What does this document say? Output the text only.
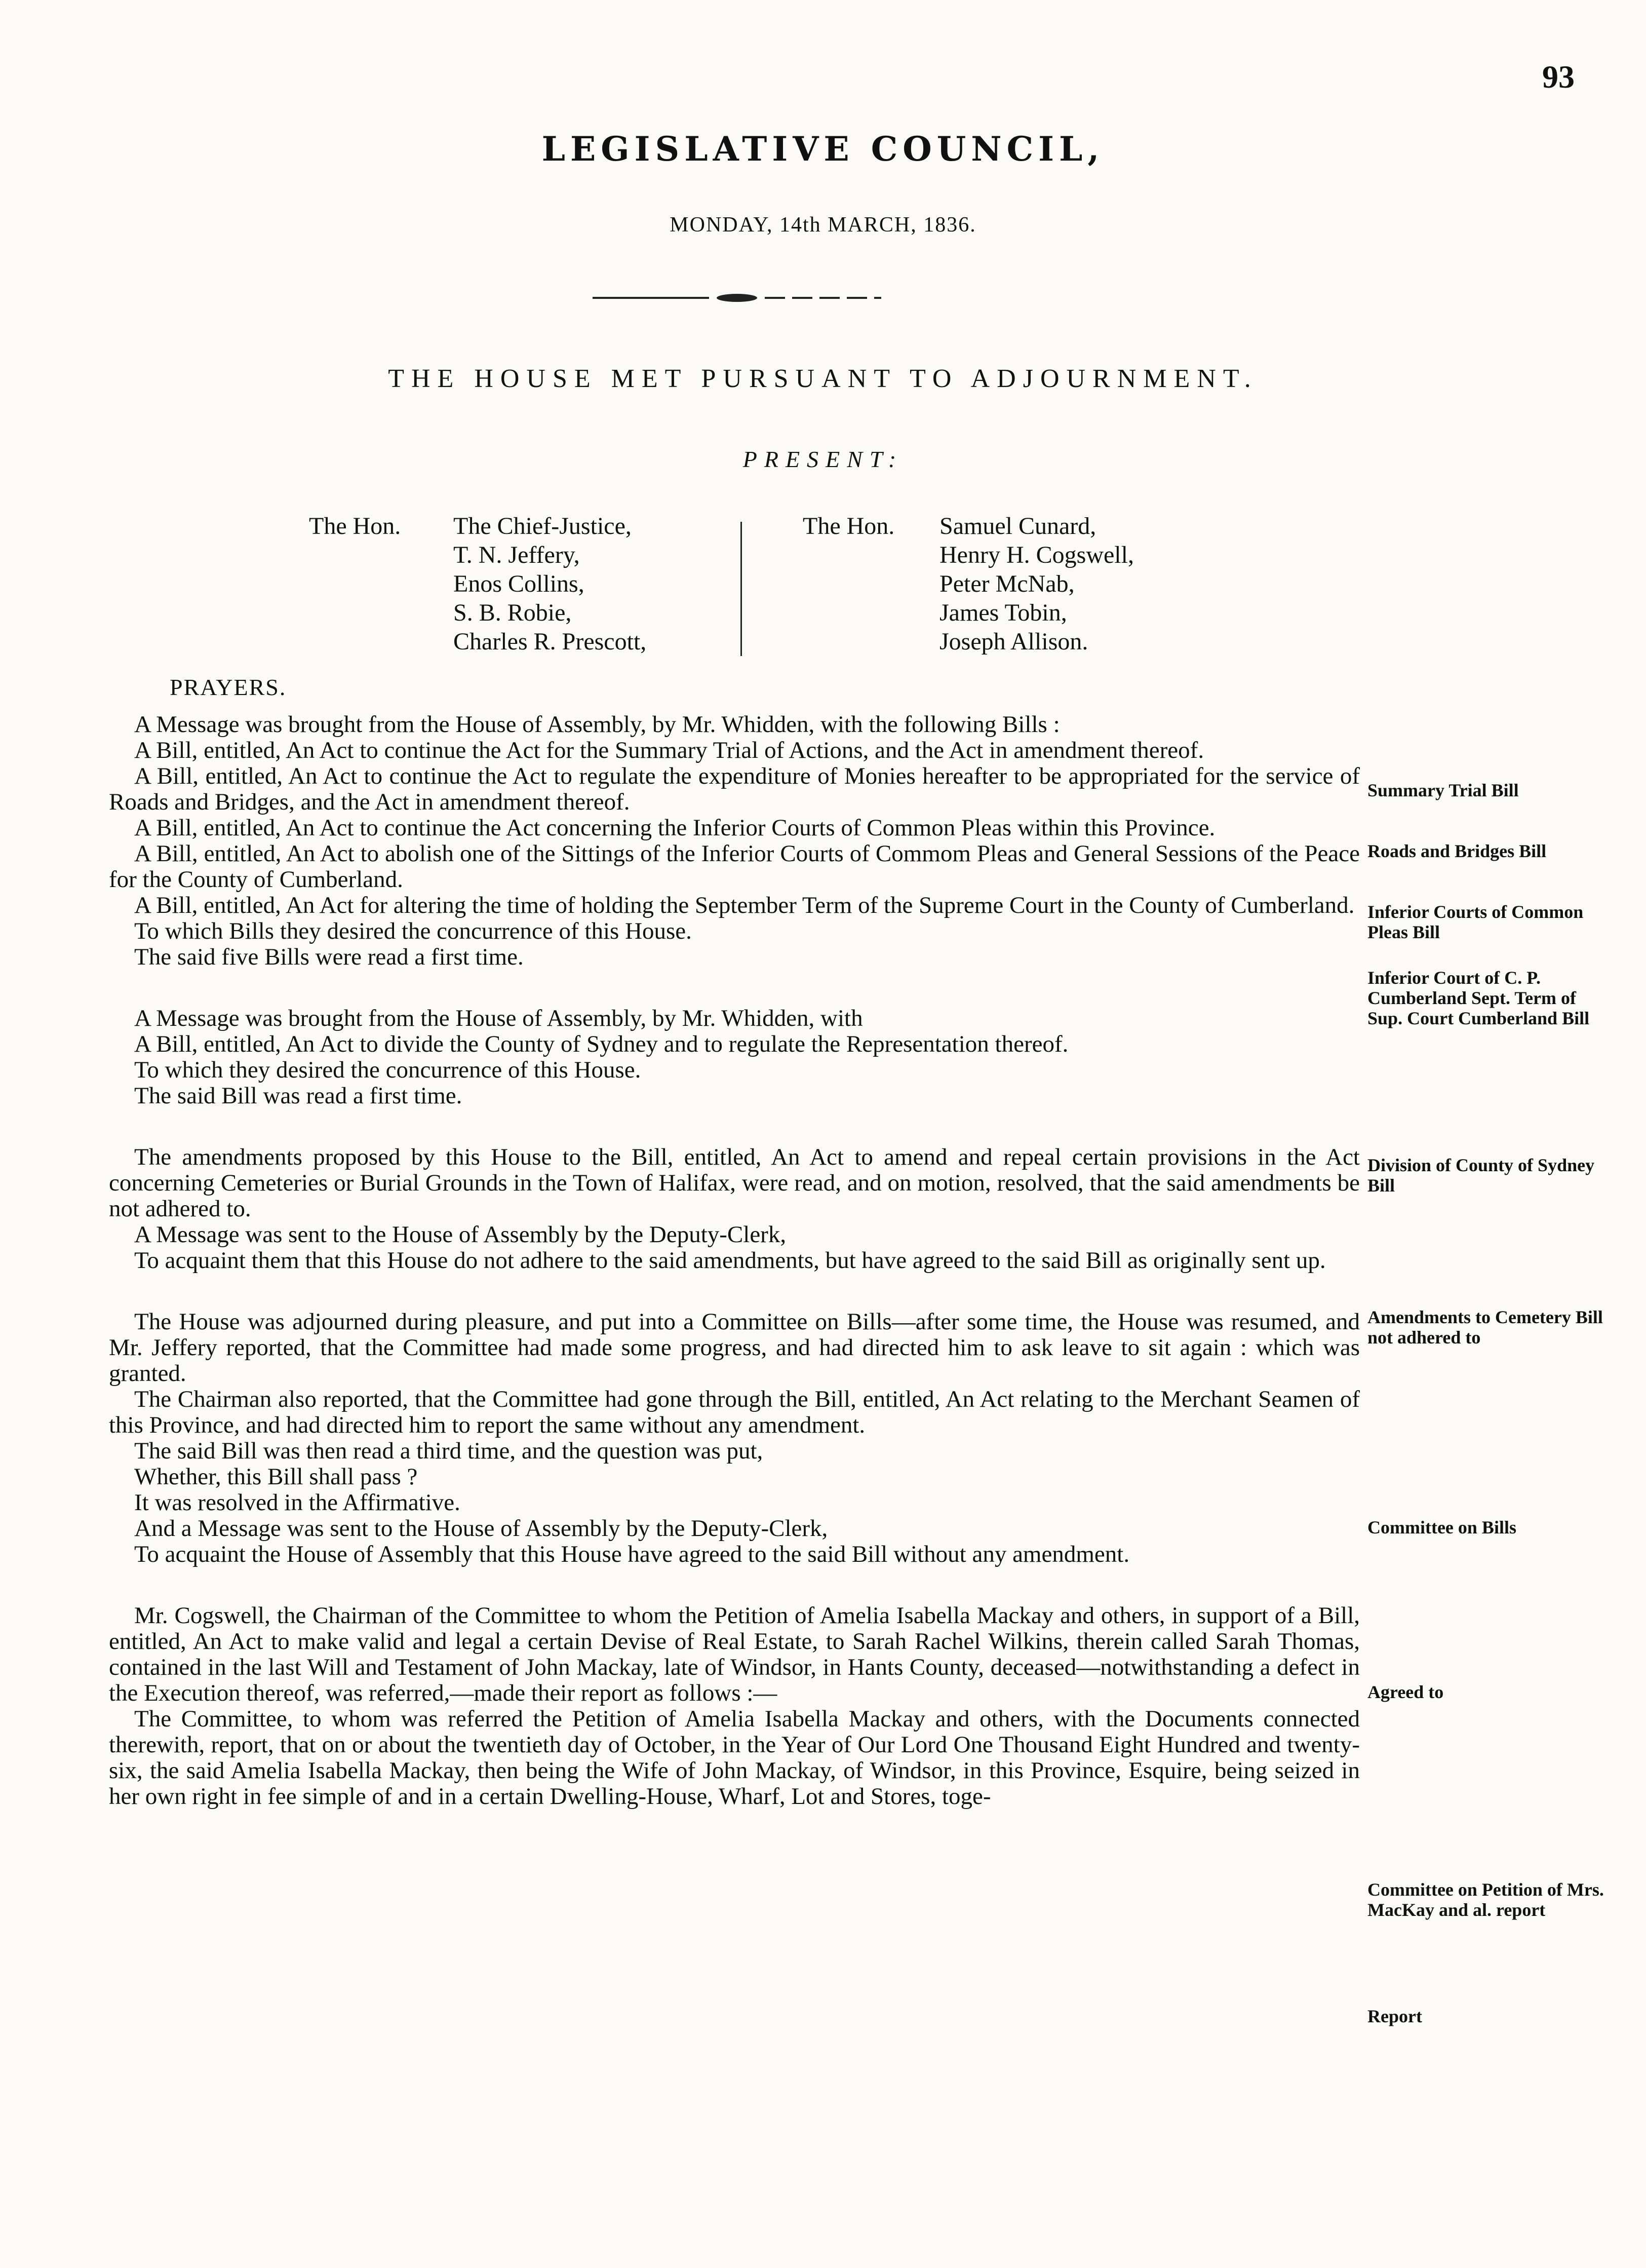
93
LEGISLATIVE COUNCIL,
MONDAY, 14th MARCH, 1836.
THE HOUSE MET PURSUANT TO ADJOURNMENT.
PRESENT:
The Hon. The Chief-Justice,
T. N. Jeffery,
Enos Collins,
S. B. Robie,
Charles R. Prescott,
The Hon. Samuel Cunard,
Henry H. Cogswell,
Peter McNab,
James Tobin,
Joseph Allison.
PRAYERS.
A Message was brought from the House of Assembly, by Mr. Whidden, with the following Bills :
A Bill, entitled, An Act to continue the Act for the Summary Trial of Actions, and the Act in amendment thereof.
A Bill, entitled, An Act to continue the Act to regulate the expenditure of Monies hereafter to be appropriated for the service of Roads and Bridges, and the Act in amendment thereof.
A Bill, entitled, An Act to continue the Act concerning the Inferior Courts of Common Pleas within this Province.
A Bill, entitled, An Act to abolish one of the Sittings of the Inferior Courts of Commom Pleas and General Sessions of the Peace for the County of Cumberland.
A Bill, entitled, An Act for altering the time of holding the September Term of the Supreme Court in the County of Cumberland.
To which Bills they desired the concurrence of this House.
The said five Bills were read a first time.
A Message was brought from the House of Assembly, by Mr. Whidden, with
A Bill, entitled, An Act to divide the County of Sydney and to regulate the Representation thereof.
To which they desired the concurrence of this House.
The said Bill was read a first time.
The amendments proposed by this House to the Bill, entitled, An Act to amend and repeal certain provisions in the Act concerning Cemeteries or Burial Grounds in the Town of Halifax, were read, and on motion, resolved, that the said amendments be not adhered to.
A Message was sent to the House of Assembly by the Deputy-Clerk,
To acquaint them that this House do not adhere to the said amendments, but have agreed to the said Bill as originally sent up.
The House was adjourned during pleasure, and put into a Committee on Bills—after some time, the House was resumed, and Mr. Jeffery reported, that the Committee had made some progress, and had directed him to ask leave to sit again : which was granted.
The Chairman also reported, that the Committee had gone through the Bill, entitled, An Act relating to the Merchant Seamen of this Province, and had directed him to report the same without any amendment.
The said Bill was then read a third time, and the question was put,
Whether, this Bill shall pass ?
It was resolved in the Affirmative.
And a Message was sent to the House of Assembly by the Deputy-Clerk,
To acquaint the House of Assembly that this House have agreed to the said Bill without any amendment.
Mr. Cogswell, the Chairman of the Committee to whom the Petition of Amelia Isabella Mackay and others, in support of a Bill, entitled, An Act to make valid and legal a certain Devise of Real Estate, to Sarah Rachel Wilkins, therein called Sarah Thomas, contained in the last Will and Testament of John Mackay, late of Windsor, in Hants County, deceased—notwithstanding a defect in the Execution thereof, was referred,—made their report as follows :—
The Committee, to whom was referred the Petition of Amelia Isabella Mackay and others, with the Documents connected therewith, report, that on or about the twentieth day of October, in the Year of Our Lord One Thousand Eight Hundred and twenty-six, the said Amelia Isabella Mackay, then being the Wife of John Mackay, of Windsor, in this Province, Esquire, being seized in her own right in fee simple of and in a certain Dwelling-House, Wharf, Lot and Stores, toge-
Summary Trial Bill
Roads and Bridges Bill
Inferior Courts of Common Pleas Bill
Inferior Court of C. P. Cumberland Sept. Term of Sup. Court Cumberland Bill
Division of County of Sydney Bill
Amendments to Cemetery Bill not adhered to
Committee on Bills
Agreed to
Committee on Petition of Mrs. MacKay and al. report
Report
